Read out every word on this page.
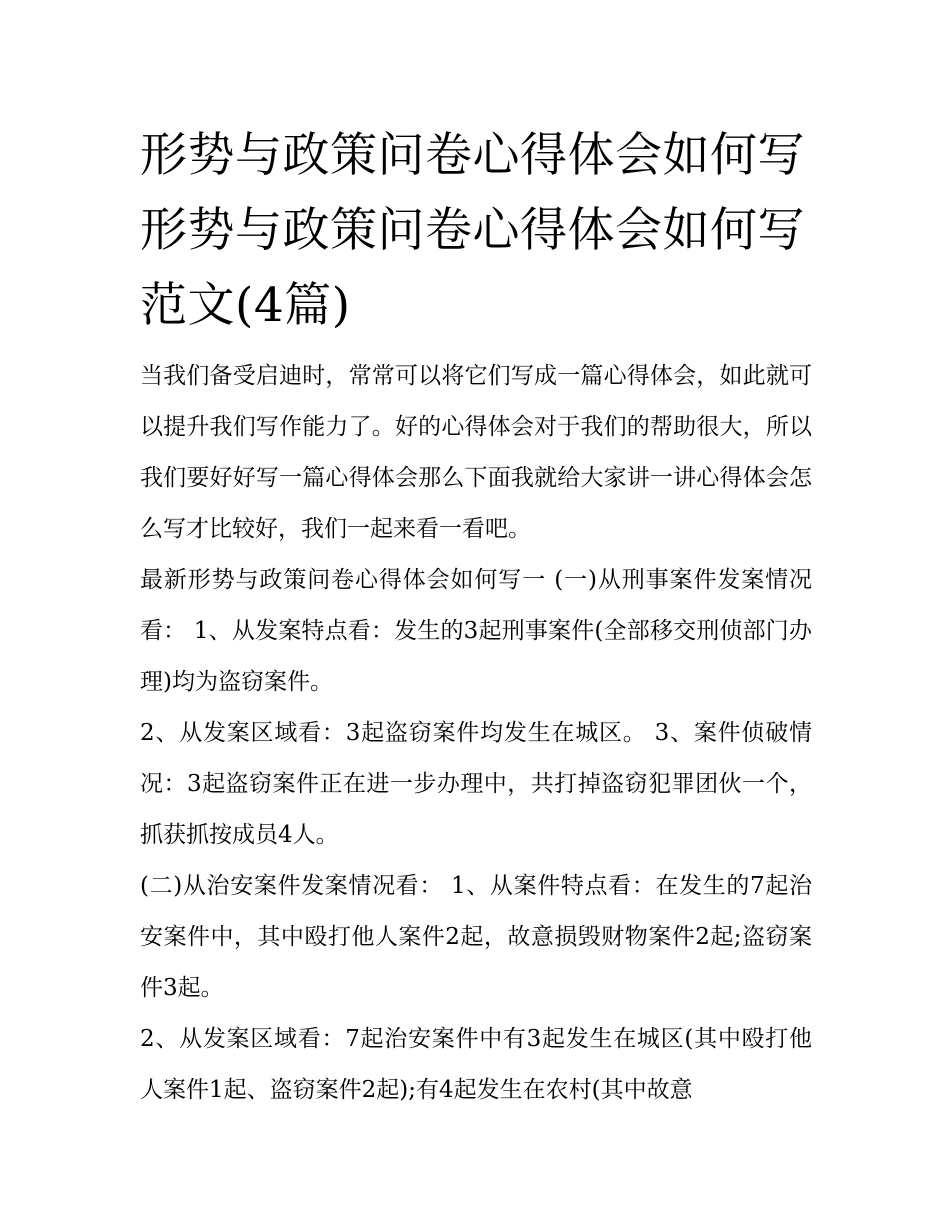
形势与政策问卷心得体会如何写 形势与政策问卷心得体会如何写范文(4篇)

当我们备受启迪时，常常可以将它们写成一篇心得体会，如此就可以提升我们写作能力了。好的心得体会对于我们的帮助很大，所以我们要好好写一篇心得体会那么下面我就给大家讲一讲心得体会怎么写才比较好，我们一起来看一看吧。

最新形势与政策问卷心得体会如何写一 (一)从刑事案件发案情况看： 1、从发案特点看：发生的3起刑事案件(全部移交刑侦部门办理)均为盗窃案件。

2、从发案区域看：3起盗窃案件均发生在城区。 3、案件侦破情况：3起盗窃案件正在进一步办理中，共打掉盗窃犯罪团伙一个，抓获抓按成员4人。

(二)从治安案件发案情况看： 1、从案件特点看：在发生的7起治安案件中，其中殴打他人案件2起，故意损毁财物案件2起;盗窃案件3起。

2、从发案区域看：7起治安案件中有3起发生在城区(其中殴打他人案件1起、盗窃案件2起);有4起发生在农村(其中故意
